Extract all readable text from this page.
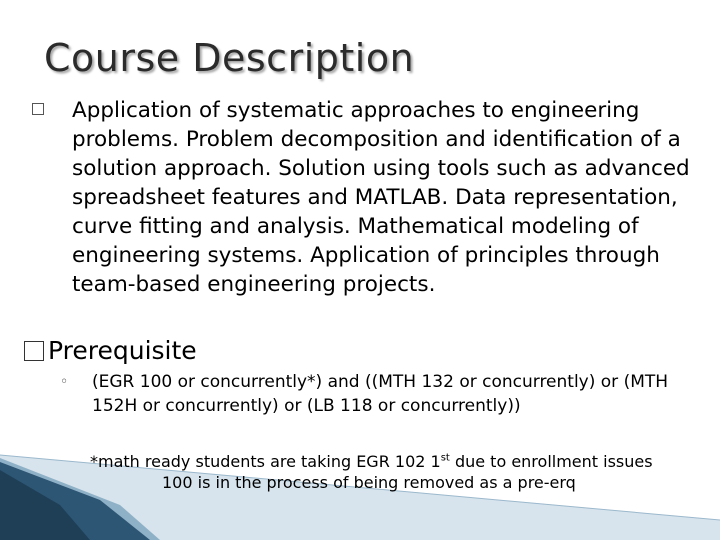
Course Description
Application of systematic approaches to engineering problems. Problem decomposition and identification of a solution approach. Solution using tools such as advanced spreadsheet features and MATLAB. Data representation, curve fitting and analysis. Mathematical modeling of engineering systems. Application of principles through team-based engineering projects.
Prerequisite
◦	(EGR 100 or concurrently*) and ((MTH 132 or concurrently) or (MTH 152H or concurrently) or (LB 118 or concurrently))
*math ready students are taking EGR 102 1st due to enrollment issues
100 is in the process of being removed as a pre-erq
